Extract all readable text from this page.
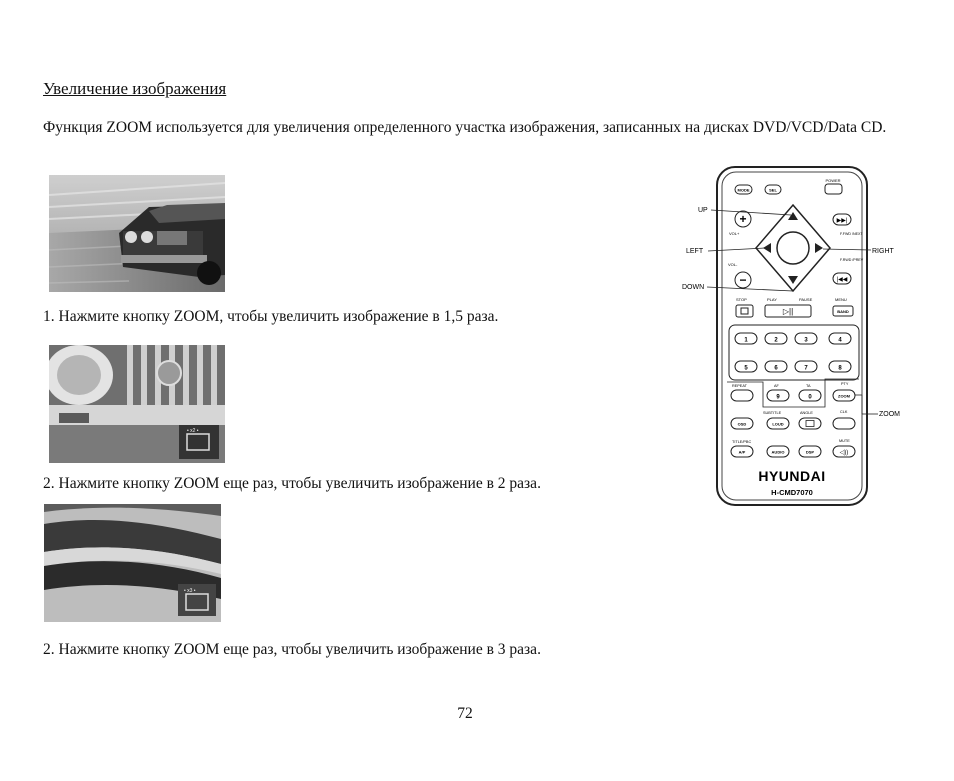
Увеличение изображения
Функция ZOOM используется для увеличения определенного участка изображения, записанных на дисках DVD/VCD/Data CD.
1. Нажмите кнопку ZOOM, чтобы увеличить изображение в 1,5 раза.
• x2 •
2. Нажмите кнопку ZOOM еще раз, чтобы увеличить изображение в 2 раза.
• x3 •
2. Нажмите кнопку ZOOM еще раз, чтобы увеличить изображение в 3 раза.
72
POWER
MODE	SEL
+
VOL+
−
VOL-
▶▶|
F.FWD /NEXT
F.RWD /PREV
|◀◀
UP
LEFT	RIGHT
DOWN
STOP	PLAY	PAUSE	MENU
▷||	BAND
1	2	3	4
5	6	7	8
REPEAT	AF	TA	PTY
9	0	ZOOM
SUBTITLE	ANGLE	CLK
OSD	LOUD
ZOOM
TITLE/PBC	MUTE
A/P	AUDIO	DSP	◁))
HYUNDAI
H-CMD7070
